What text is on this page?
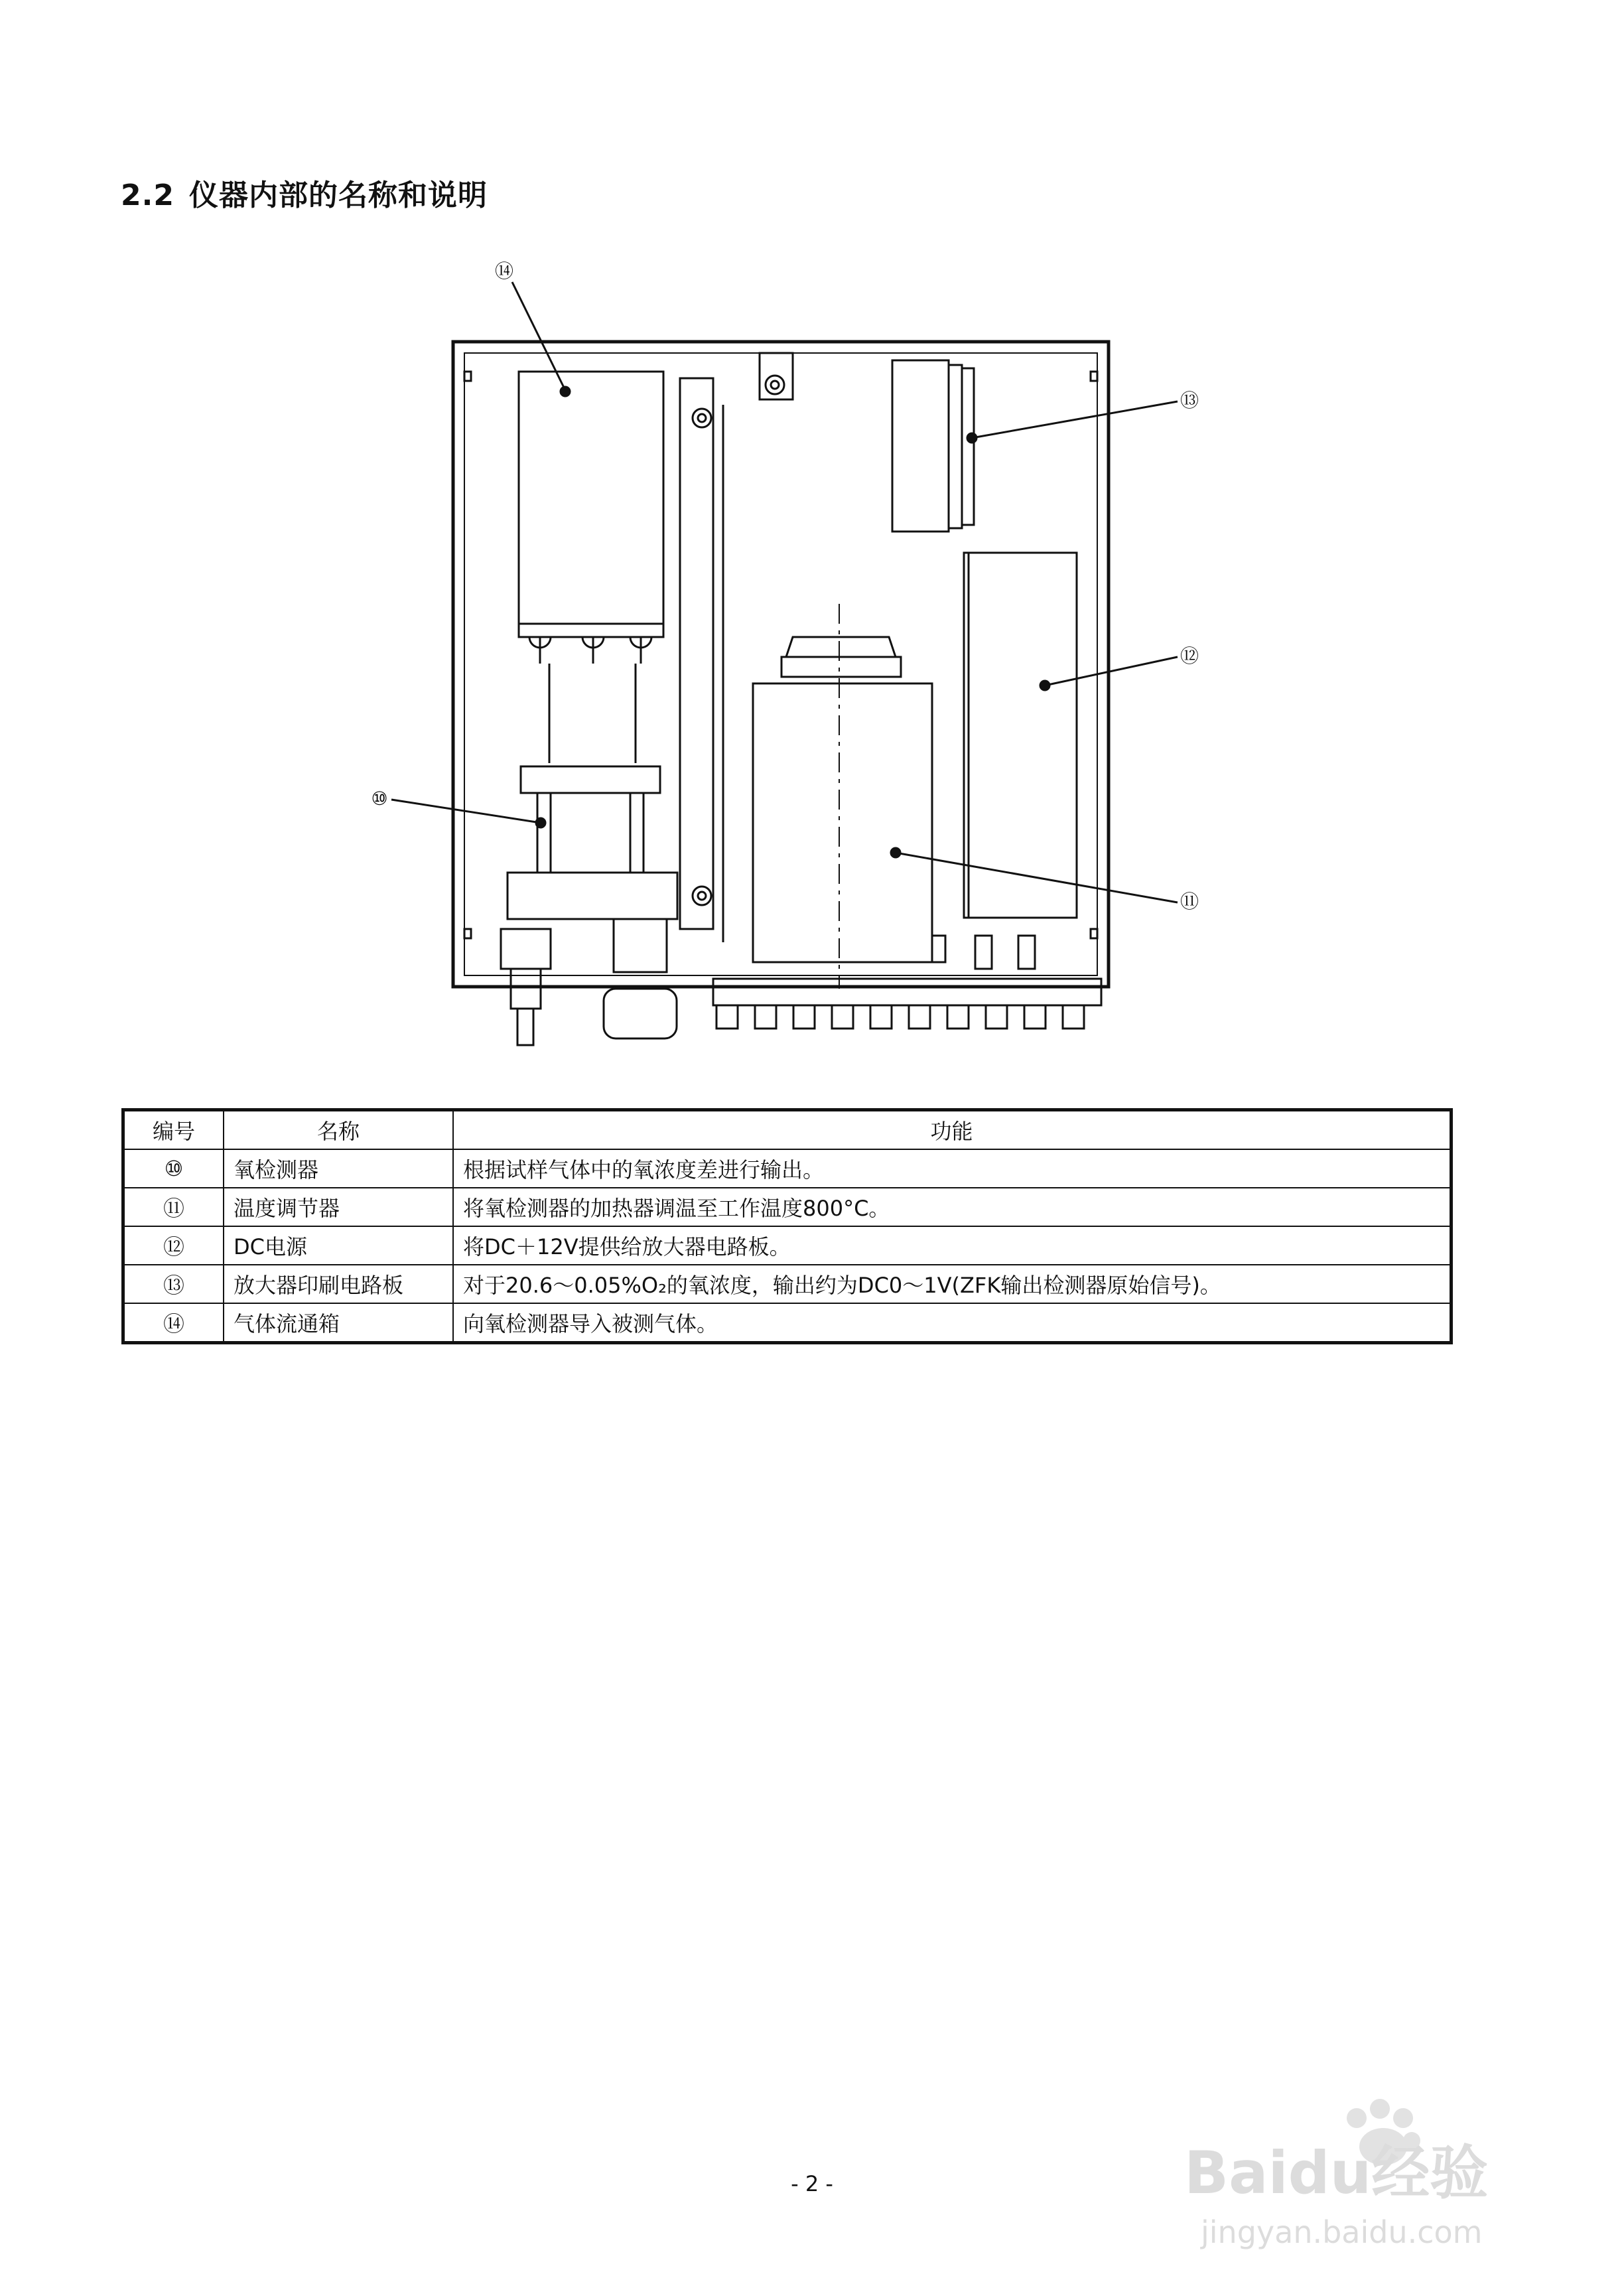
2.2 仪器内部的名称和说明
⑭
⑬
⑫
⑩
⑪
编号	名称	功能
⑩	氧检测器	根据试样气体中的氧浓度差进行输出。
⑪	温度调节器	将氧检测器的加热器调温至工作温度800°C。
⑫	DC电源	将DC＋12V提供给放大器电路板。
⑬	放大器印刷电路板	对于20.6～0.05%O₂的氧浓度，输出约为DC0～1V(ZFK输出检测器原始信号)。
⑭	气体流通箱	向氧检测器导入被测气体。
- 2 -	Baidu经验
jingyan.baidu.com
